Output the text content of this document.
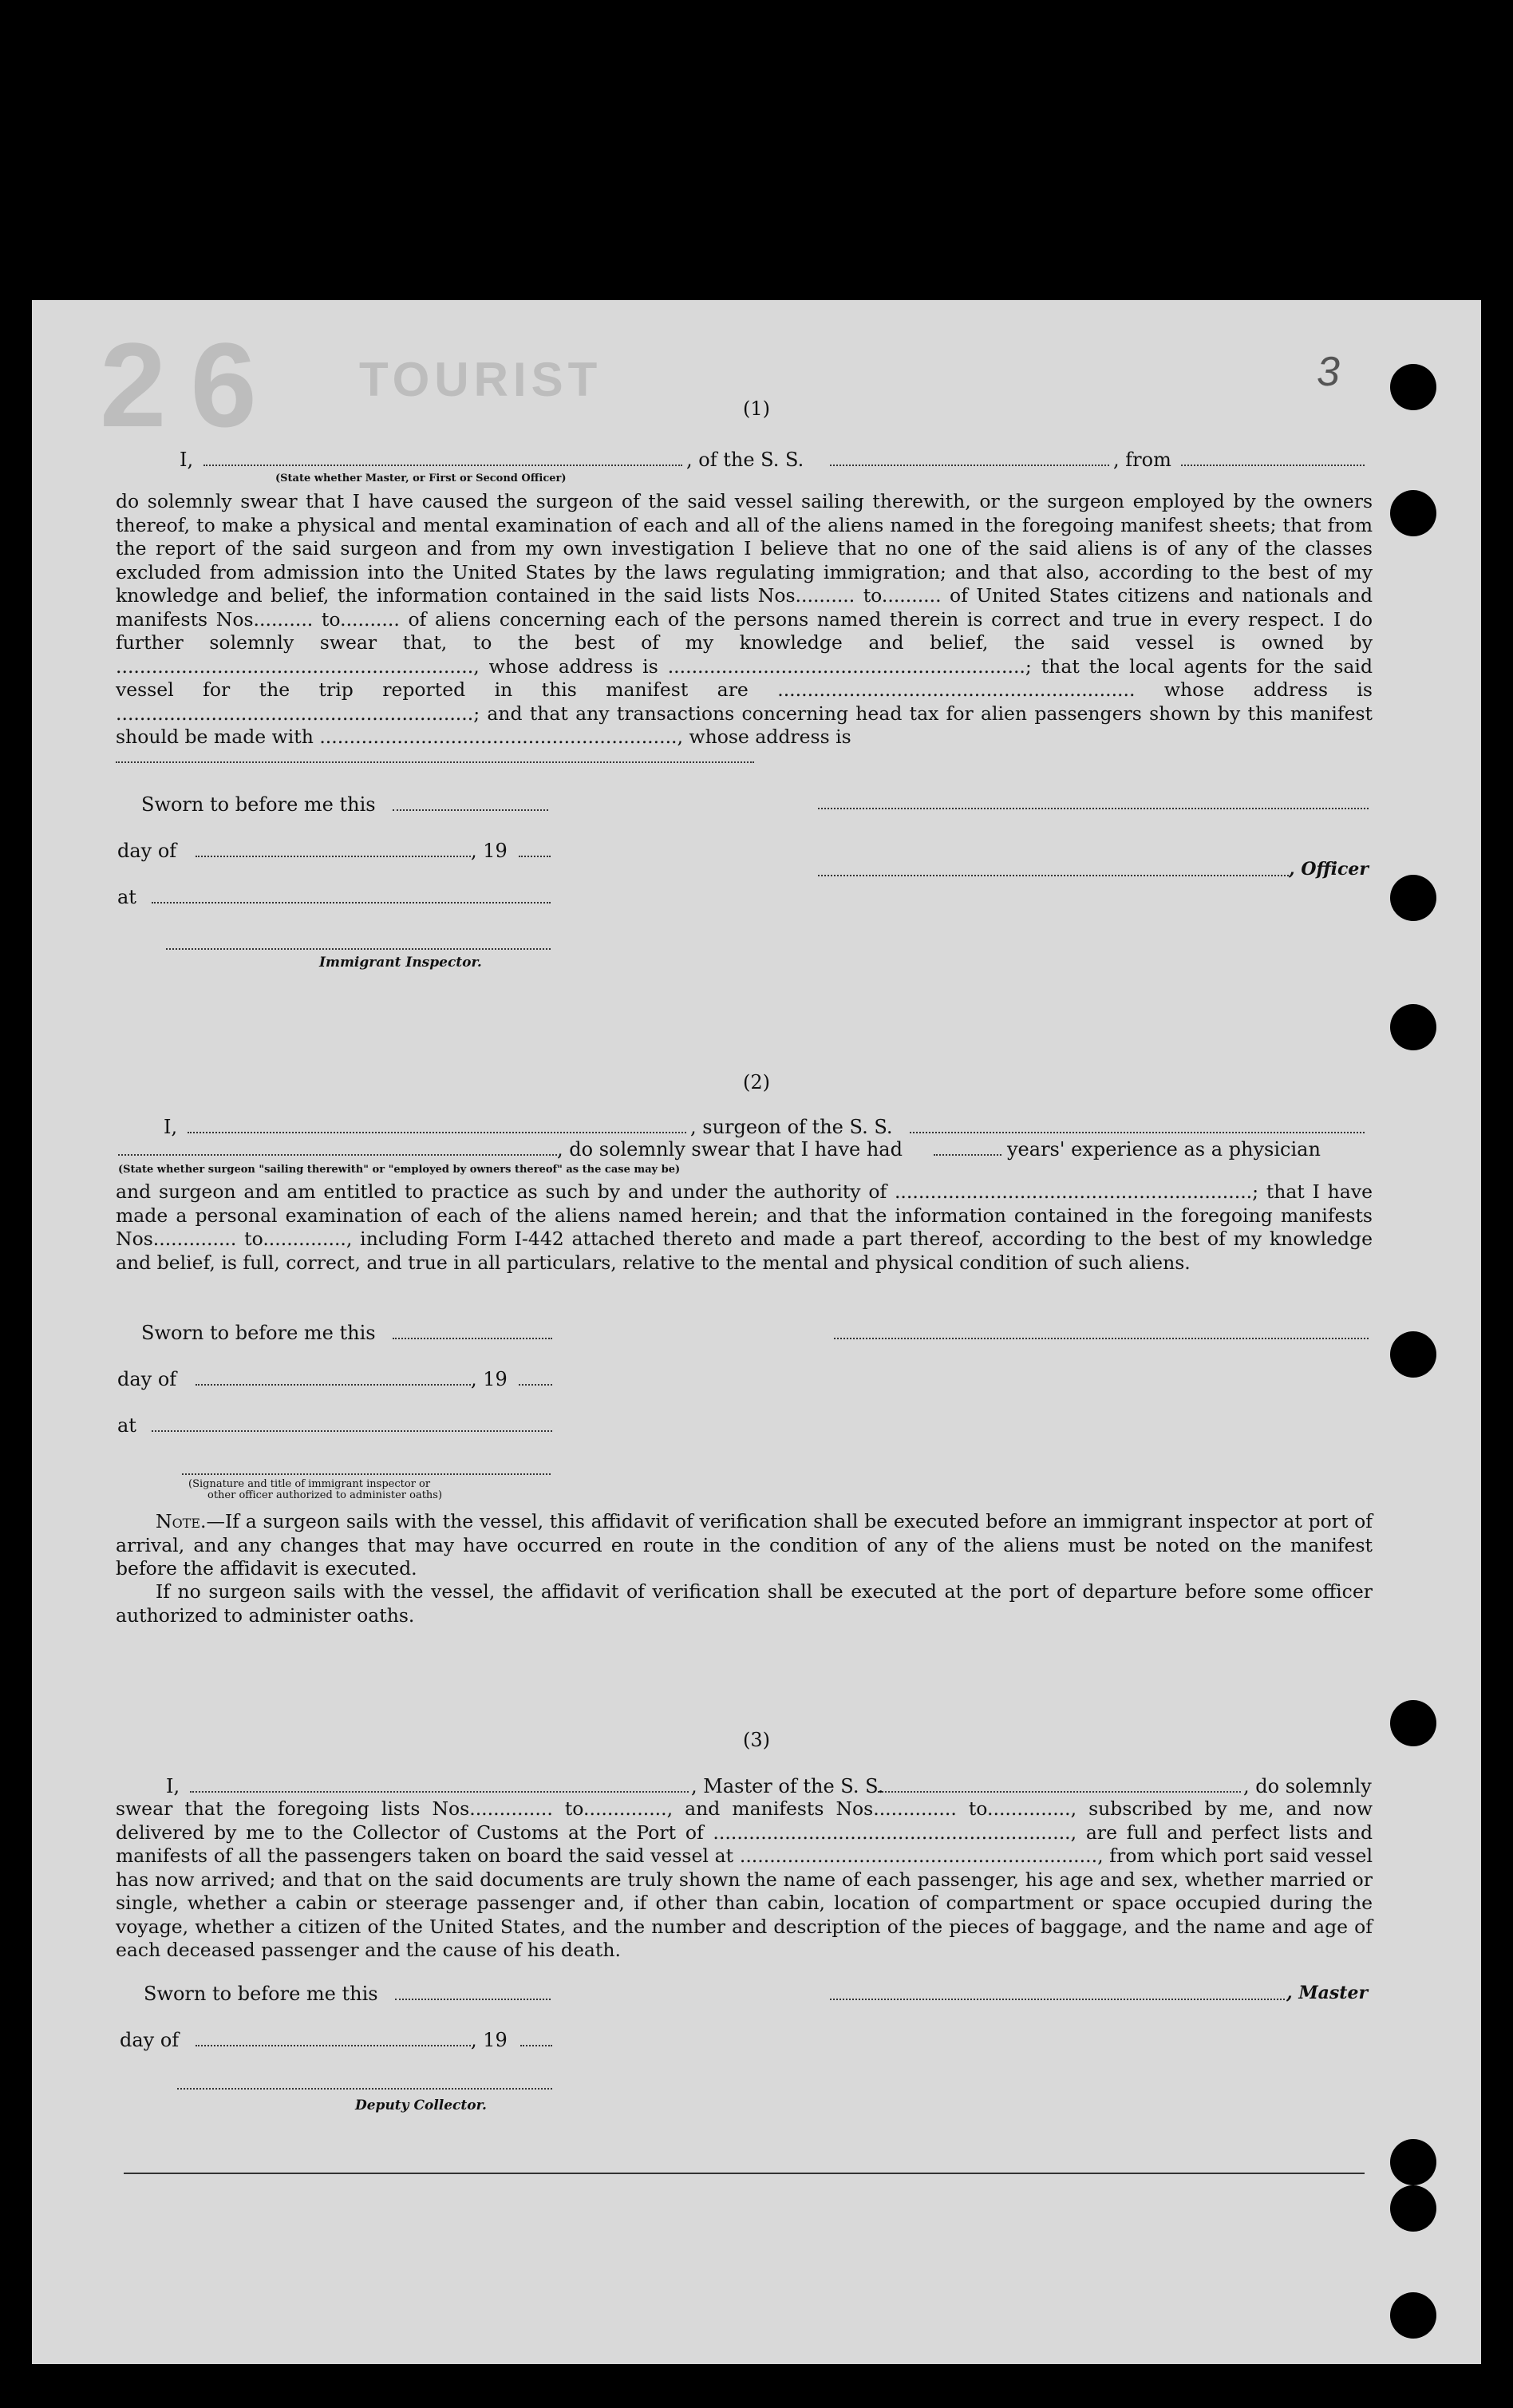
26 TOURIST	3
(1)
I,	, of the S. S.	, from
(State whether Master, or First or Second Officer)
do solemnly swear that I have caused the surgeon of the said vessel sailing therewith, or the surgeon employed by the owners thereof, to make a physical and mental examination of each and all of the aliens named in the foregoing manifest sheets; that from the report of the said surgeon and from my own investigation I believe that no one of the said aliens is of any of the classes excluded from admission into the United States by the laws regulating immigration; and that also, according to the best of my knowledge and belief, the information contained in the said lists Nos.......... to.......... of United States citizens and nationals and manifests Nos.......... to.......... of aliens concerning each of the persons named therein is correct and true in every respect. I do further solemnly swear that, to the best of my knowledge and belief, the said vessel is owned by ............................................................, whose address is ............................................................; that the local agents for the said vessel for the trip reported in this manifest are ............................................................ whose address is ............................................................; and that any transactions concerning head tax for alien passengers shown by this manifest should be made with ............................................................, whose address is
Sworn to before me this
day of	, 19
, Officer
at
Immigrant Inspector.
(2)
I,	, surgeon of the S. S.
, do solemnly swear that I have had	years' experience as a physician
(State whether surgeon "sailing therewith" or "employed by owners thereof" as the case may be)
and surgeon and am entitled to practice as such by and under the authority of ............................................................; that I have made a personal examination of each of the aliens named herein; and that the information contained in the foregoing manifests Nos.............. to.............., including Form I-442 attached thereto and made a part thereof, according to the best of my knowledge and belief, is full, correct, and true in all particulars, relative to the mental and physical condition of such aliens.
Sworn to before me this
day of	, 19
at
(Signature and title of immigrant inspector or
other officer authorized to administer oaths)
Note.—If a surgeon sails with the vessel, this affidavit of verification shall be executed before an immigrant inspector at port of arrival, and any changes that may have occurred en route in the condition of any of the aliens must be noted on the manifest before the affidavit is executed.
If no surgeon sails with the vessel, the affidavit of verification shall be executed at the port of departure before some officer authorized to administer oaths.
(3)
I,	, Master of the S. S.	, do solemnly
swear that the foregoing lists Nos.............. to.............., and manifests Nos.............. to.............., subscribed by me, and now delivered by me to the Collector of Customs at the Port of ............................................................, are full and perfect lists and manifests of all the passengers taken on board the said vessel at ............................................................, from which port said vessel has now arrived; and that on the said documents are truly shown the name of each passenger, his age and sex, whether married or single, whether a cabin or steerage passenger and, if other than cabin, location of compartment or space occupied during the voyage, whether a citizen of the United States, and the number and description of the pieces of baggage, and the name and age of each deceased passenger and the cause of his death.
Sworn to before me this	, Master
day of	, 19
Deputy Collector.
